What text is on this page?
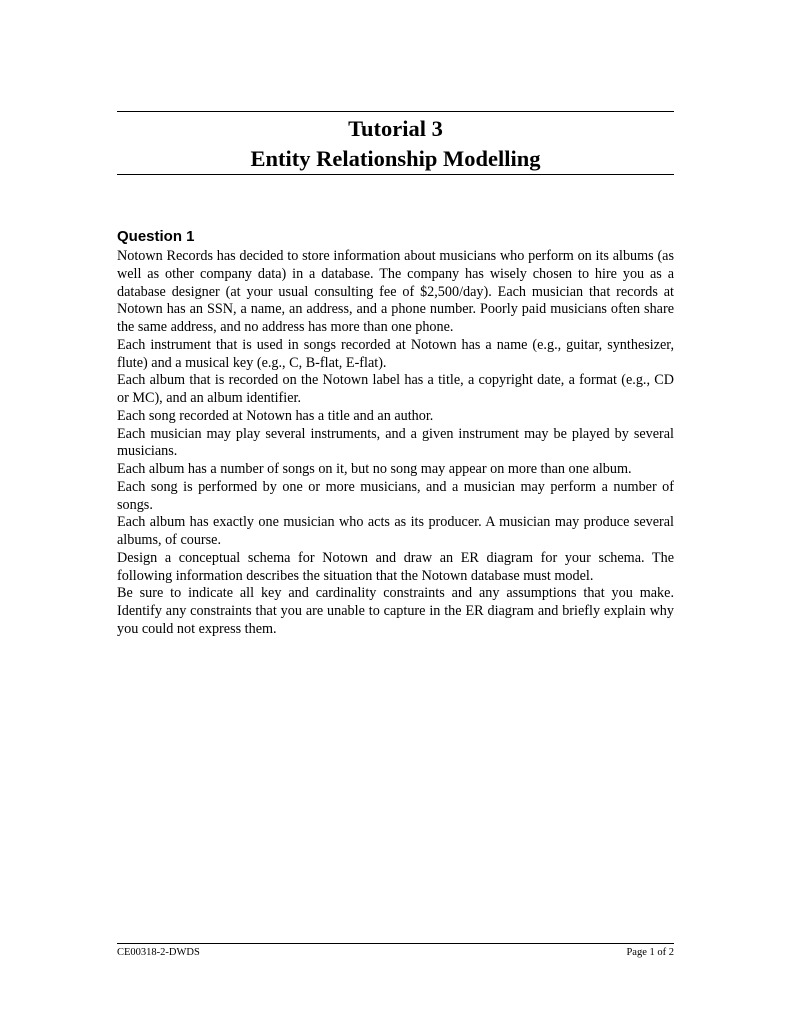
Tutorial 3
Entity Relationship Modelling
Question 1

Notown Records has decided to store information about musicians who perform on its albums (as well as other company data) in a database. The company has wisely chosen to hire you as a database designer (at your usual consulting fee of $2,500/day). Each musician that records at Notown has an SSN, a name, an address, and a phone number. Poorly paid musicians often share the same address, and no address has more than one phone.

Each instrument that is used in songs recorded at Notown has a name (e.g., guitar, synthesizer, flute) and a musical key (e.g., C, B-flat, E-flat).

Each album that is recorded on the Notown label has a title, a copyright date, a format (e.g., CD or MC), and an album identifier.

Each song recorded at Notown has a title and an author.

Each musician may play several instruments, and a given instrument may be played by several musicians.

Each album has a number of songs on it, but no song may appear on more than one album.

Each song is performed by one or more musicians, and a musician may perform a number of songs.

Each album has exactly one musician who acts as its producer. A musician may produce several albums, of course.

Design a conceptual schema for Notown and draw an ER diagram for your schema. The following information describes the situation that the Notown database must model.

Be sure to indicate all key and cardinality constraints and any assumptions that you make. Identify any constraints that you are unable to capture in the ER diagram and briefly explain why you could not express them.

CE00318-2-DWDS	Page 1 of 2
